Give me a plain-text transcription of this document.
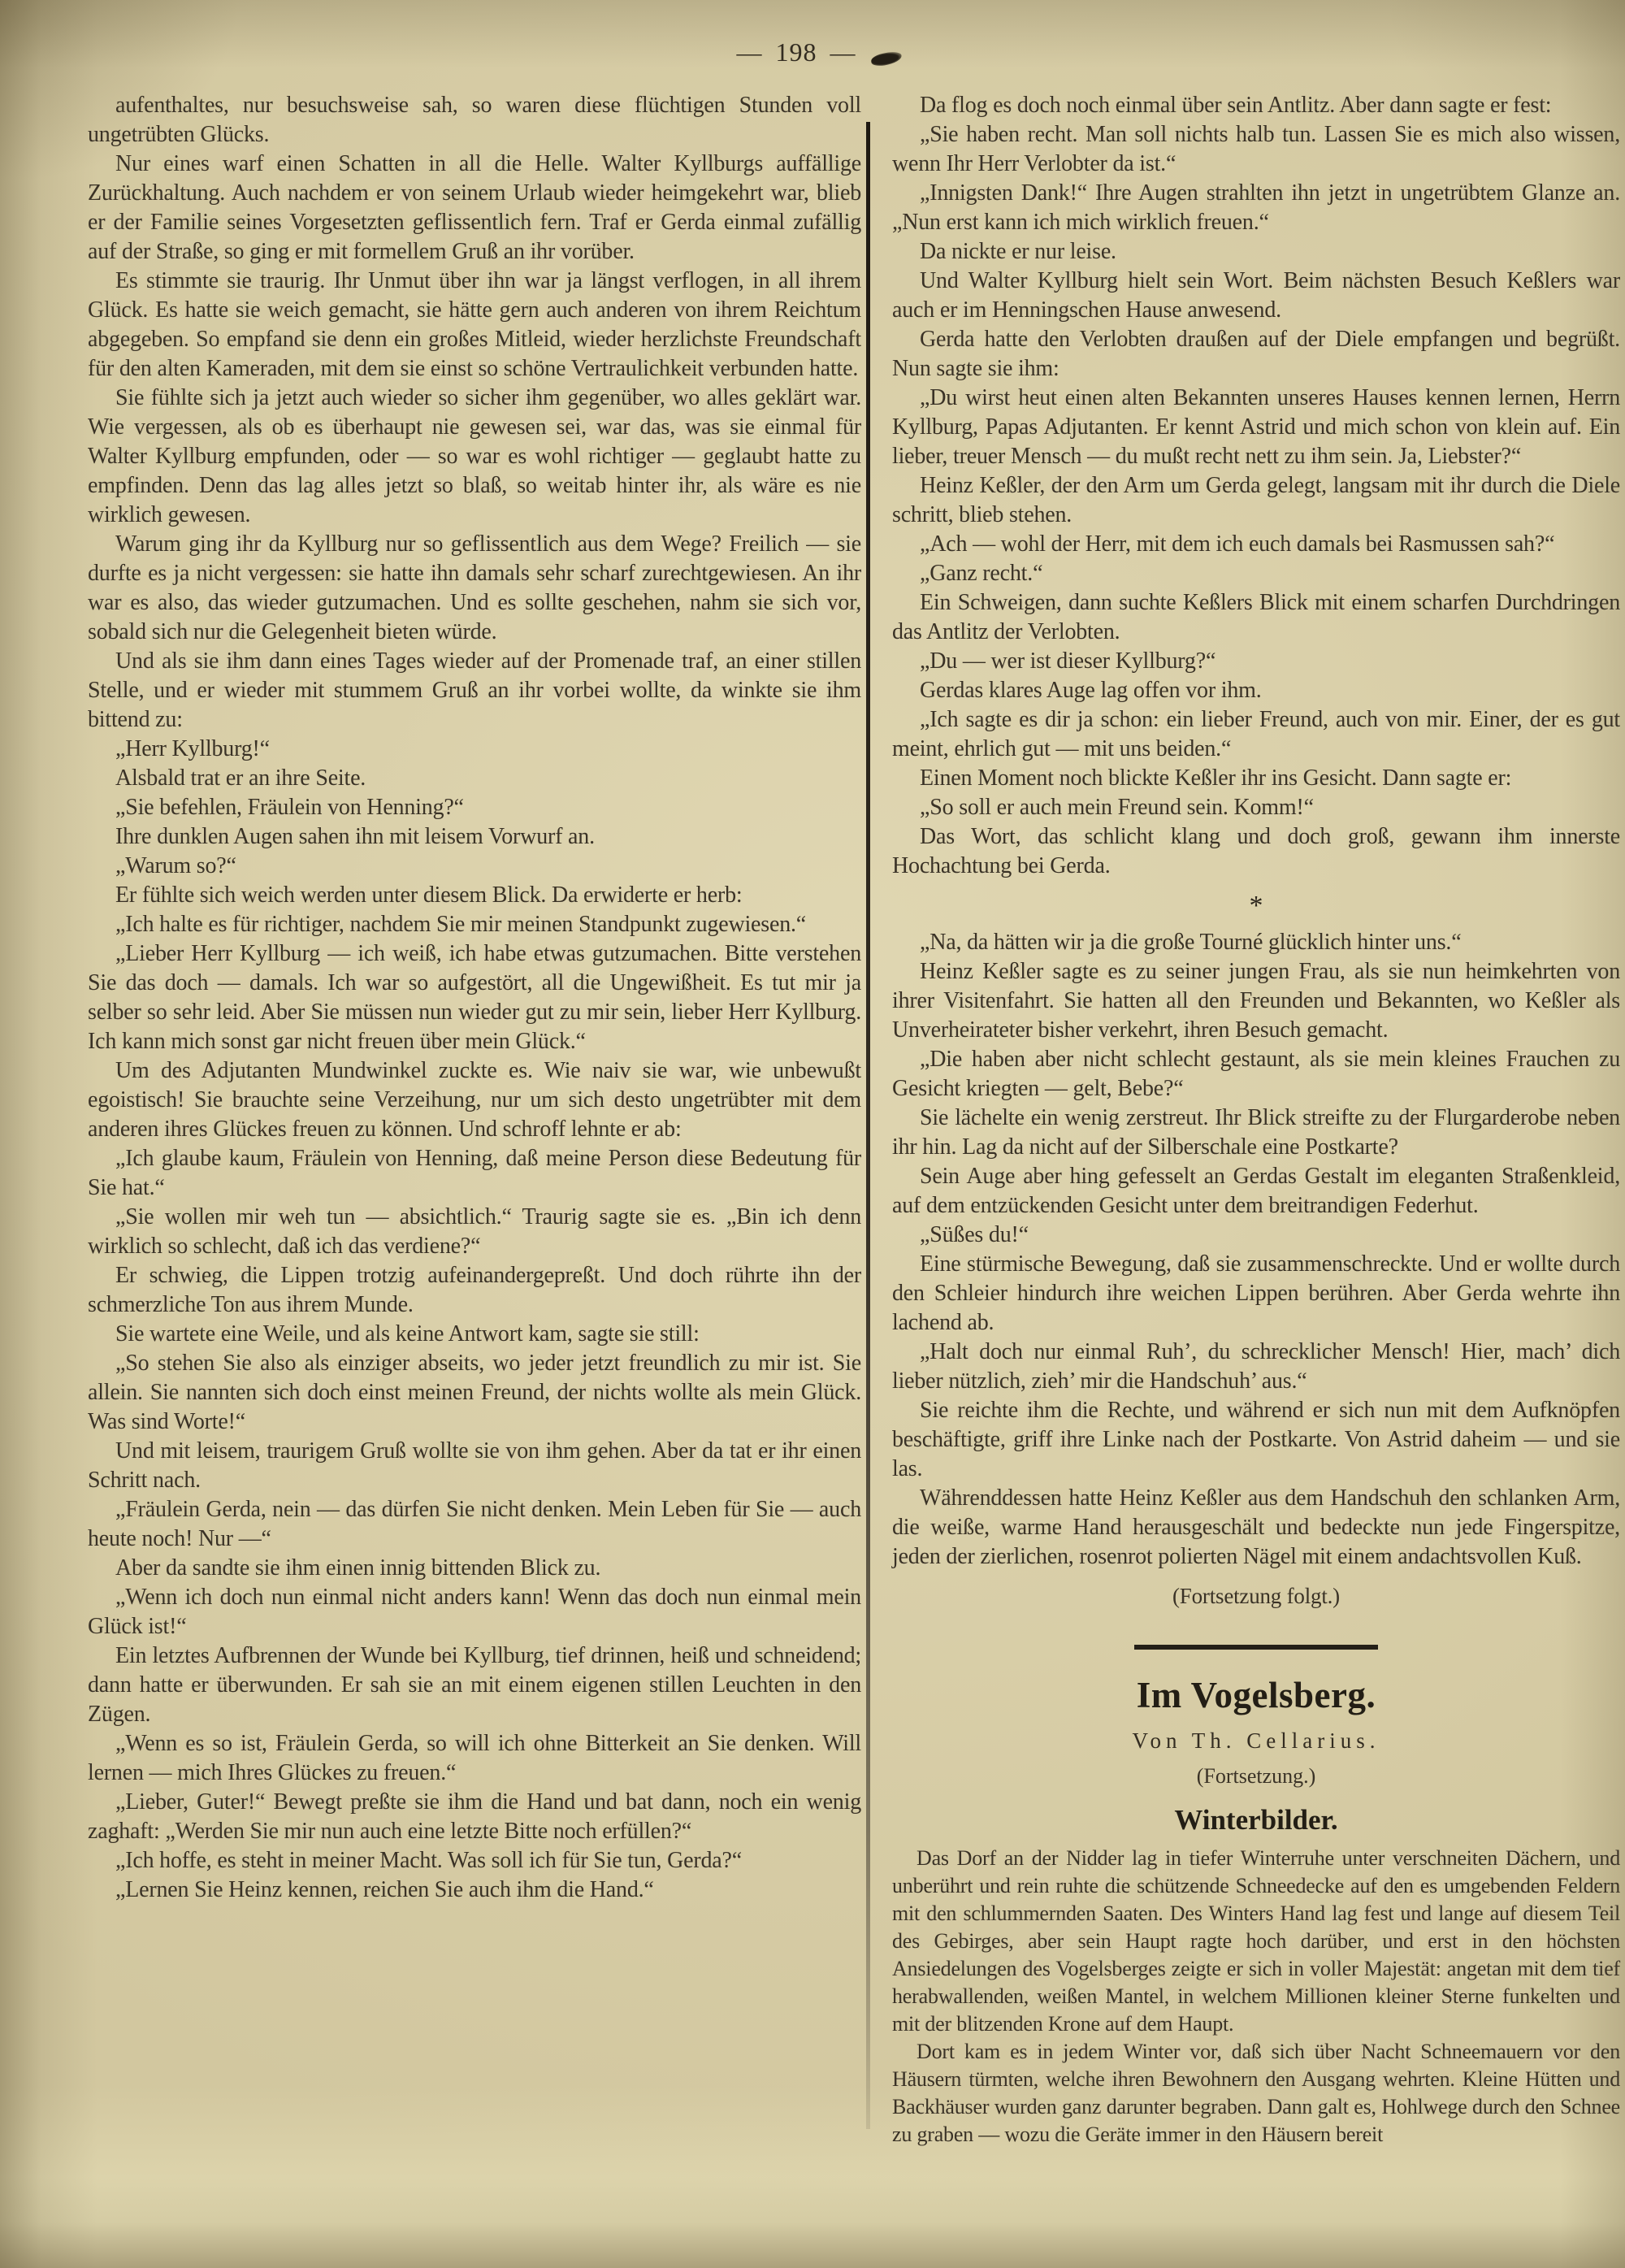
— 198 —

aufenthaltes, nur besuchsweise sah, so waren diese flüchtigen Stunden voll ungetrübten Glücks.

Nur eines warf einen Schatten in all die Helle. Walter Kyllburgs auffällige Zurückhaltung. Auch nachdem er von seinem Urlaub wieder heimgekehrt war, blieb er der Familie seines Vorgesetzten geflissentlich fern. Traf er Gerda einmal zufällig auf der Straße, so ging er mit formellem Gruß an ihr vorüber.

Es stimmte sie traurig. Ihr Unmut über ihn war ja längst verflogen, in all ihrem Glück. Es hatte sie weich gemacht, sie hätte gern auch anderen von ihrem Reichtum abgegeben. So empfand sie denn ein großes Mitleid, wieder herzlichste Freundschaft für den alten Kameraden, mit dem sie einst so schöne Vertraulichkeit verbunden hatte.

Sie fühlte sich ja jetzt auch wieder so sicher ihm gegenüber, wo alles geklärt war. Wie vergessen, als ob es überhaupt nie gewesen sei, war das, was sie einmal für Walter Kyllburg empfunden, oder — so war es wohl richtiger — geglaubt hatte zu empfinden. Denn das lag alles jetzt so blaß, so weitab hinter ihr, als wäre es nie wirklich gewesen.

Warum ging ihr da Kyllburg nur so geflissentlich aus dem Wege? Freilich — sie durfte es ja nicht vergessen: sie hatte ihn damals sehr scharf zurechtgewiesen. An ihr war es also, das wieder gutzumachen. Und es sollte geschehen, nahm sie sich vor, sobald sich nur die Gelegenheit bieten würde.

Und als sie ihm dann eines Tages wieder auf der Promenade traf, an einer stillen Stelle, und er wieder mit stummem Gruß an ihr vorbei wollte, da winkte sie ihm bittend zu:

„Herr Kyllburg!“

Alsbald trat er an ihre Seite.

„Sie befehlen, Fräulein von Henning?“

Ihre dunklen Augen sahen ihn mit leisem Vorwurf an.

„Warum so?“

Er fühlte sich weich werden unter diesem Blick. Da erwiderte er herb:

„Ich halte es für richtiger, nachdem Sie mir meinen Standpunkt zugewiesen.“

„Lieber Herr Kyllburg — ich weiß, ich habe etwas gutzumachen. Bitte verstehen Sie das doch — damals. Ich war so aufgestört, all die Ungewißheit. Es tut mir ja selber so sehr leid. Aber Sie müssen nun wieder gut zu mir sein, lieber Herr Kyllburg. Ich kann mich sonst gar nicht freuen über mein Glück.“

Um des Adjutanten Mundwinkel zuckte es. Wie naiv sie war, wie unbewußt egoistisch! Sie brauchte seine Verzeihung, nur um sich desto ungetrübter mit dem anderen ihres Glückes freuen zu können. Und schroff lehnte er ab:

„Ich glaube kaum, Fräulein von Henning, daß meine Person diese Bedeutung für Sie hat.“

„Sie wollen mir weh tun — absichtlich.“ Traurig sagte sie es. „Bin ich denn wirklich so schlecht, daß ich das verdiene?“

Er schwieg, die Lippen trotzig aufeinandergepreßt. Und doch rührte ihn der schmerzliche Ton aus ihrem Munde.

Sie wartete eine Weile, und als keine Antwort kam, sagte sie still:

„So stehen Sie also als einziger abseits, wo jeder jetzt freundlich zu mir ist. Sie allein. Sie nannten sich doch einst meinen Freund, der nichts wollte als mein Glück. Was sind Worte!“

Und mit leisem, traurigem Gruß wollte sie von ihm gehen. Aber da tat er ihr einen Schritt nach.

„Fräulein Gerda, nein — das dürfen Sie nicht denken. Mein Leben für Sie — auch heute noch! Nur —“

Aber da sandte sie ihm einen innig bittenden Blick zu.

„Wenn ich doch nun einmal nicht anders kann! Wenn das doch nun einmal mein Glück ist!“

Ein letztes Aufbrennen der Wunde bei Kyllburg, tief drinnen, heiß und schneidend; dann hatte er überwunden. Er sah sie an mit einem eigenen stillen Leuchten in den Zügen.

„Wenn es so ist, Fräulein Gerda, so will ich ohne Bitterkeit an Sie denken. Will lernen — mich Ihres Glückes zu freuen.“

„Lieber, Guter!“ Bewegt preßte sie ihm die Hand und bat dann, noch ein wenig zaghaft: „Werden Sie mir nun auch eine letzte Bitte noch erfüllen?“

„Ich hoffe, es steht in meiner Macht. Was soll ich für Sie tun, Gerda?“

„Lernen Sie Heinz kennen, reichen Sie auch ihm die Hand.“

Da flog es doch noch einmal über sein Antlitz. Aber dann sagte er fest:

„Sie haben recht. Man soll nichts halb tun. Lassen Sie es mich also wissen, wenn Ihr Herr Verlobter da ist.“

„Innigsten Dank!“ Ihre Augen strahlten ihn jetzt in ungetrübtem Glanze an. „Nun erst kann ich mich wirklich freuen.“

Da nickte er nur leise.

Und Walter Kyllburg hielt sein Wort. Beim nächsten Besuch Keßlers war auch er im Henningschen Hause anwesend.

Gerda hatte den Verlobten draußen auf der Diele empfangen und begrüßt. Nun sagte sie ihm:

„Du wirst heut einen alten Bekannten unseres Hauses kennen lernen, Herrn Kyllburg, Papas Adjutanten. Er kennt Astrid und mich schon von klein auf. Ein lieber, treuer Mensch — du mußt recht nett zu ihm sein. Ja, Liebster?“

Heinz Keßler, der den Arm um Gerda gelegt, langsam mit ihr durch die Diele schritt, blieb stehen.

„Ach — wohl der Herr, mit dem ich euch damals bei Rasmussen sah?“

„Ganz recht.“

Ein Schweigen, dann suchte Keßlers Blick mit einem scharfen Durchdringen das Antlitz der Verlobten.

„Du — wer ist dieser Kyllburg?“

Gerdas klares Auge lag offen vor ihm.

„Ich sagte es dir ja schon: ein lieber Freund, auch von mir. Einer, der es gut meint, ehrlich gut — mit uns beiden.“

Einen Moment noch blickte Keßler ihr ins Gesicht. Dann sagte er:

„So soll er auch mein Freund sein. Komm!“

Das Wort, das schlicht klang und doch groß, gewann ihm innerste Hochachtung bei Gerda.

*

„Na, da hätten wir ja die große Tourné glücklich hinter uns.“

Heinz Keßler sagte es zu seiner jungen Frau, als sie nun heimkehrten von ihrer Visitenfahrt. Sie hatten all den Freunden und Bekannten, wo Keßler als Unverheirateter bisher verkehrt, ihren Besuch gemacht.

„Die haben aber nicht schlecht gestaunt, als sie mein kleines Frauchen zu Gesicht kriegten — gelt, Bebe?“

Sie lächelte ein wenig zerstreut. Ihr Blick streifte zu der Flurgarderobe neben ihr hin. Lag da nicht auf der Silberschale eine Postkarte?

Sein Auge aber hing gefesselt an Gerdas Gestalt im eleganten Straßenkleid, auf dem entzückenden Gesicht unter dem breitrandigen Federhut.

„Süßes du!“

Eine stürmische Bewegung, daß sie zusammenschreckte. Und er wollte durch den Schleier hindurch ihre weichen Lippen berühren. Aber Gerda wehrte ihn lachend ab.

„Halt doch nur einmal Ruh’, du schrecklicher Mensch! Hier, mach’ dich lieber nützlich, zieh’ mir die Handschuh’ aus.“

Sie reichte ihm die Rechte, und während er sich nun mit dem Aufknöpfen beschäftigte, griff ihre Linke nach der Postkarte. Von Astrid daheim — und sie las.

Währenddessen hatte Heinz Keßler aus dem Handschuh den schlanken Arm, die weiße, warme Hand herausgeschält und bedeckte nun jede Fingerspitze, jeden der zierlichen, rosenrot polierten Nägel mit einem andachtsvollen Kuß.

(Fortsetzung folgt.)

Im Vogelsberg.
Von Th. Cellarius.
(Fortsetzung.)
Winterbilder.

Das Dorf an der Nidder lag in tiefer Winterruhe unter verschneiten Dächern, und unberührt und rein ruhte die schützende Schneedecke auf den es umgebenden Feldern mit den schlummernden Saaten. Des Winters Hand lag fest und lange auf diesem Teil des Gebirges, aber sein Haupt ragte hoch darüber, und erst in den höchsten Ansiedelungen des Vogelsberges zeigte er sich in voller Majestät: angetan mit dem tief herabwallenden, weißen Mantel, in welchem Millionen kleiner Sterne funkelten und mit der blitzenden Krone auf dem Haupt.

Dort kam es in jedem Winter vor, daß sich über Nacht Schneemauern vor den Häusern türmten, welche ihren Bewohnern den Ausgang wehrten. Kleine Hütten und Backhäuser wurden ganz darunter begraben. Dann galt es, Hohlwege durch den Schnee zu graben — wozu die Geräte immer in den Häusern bereit
